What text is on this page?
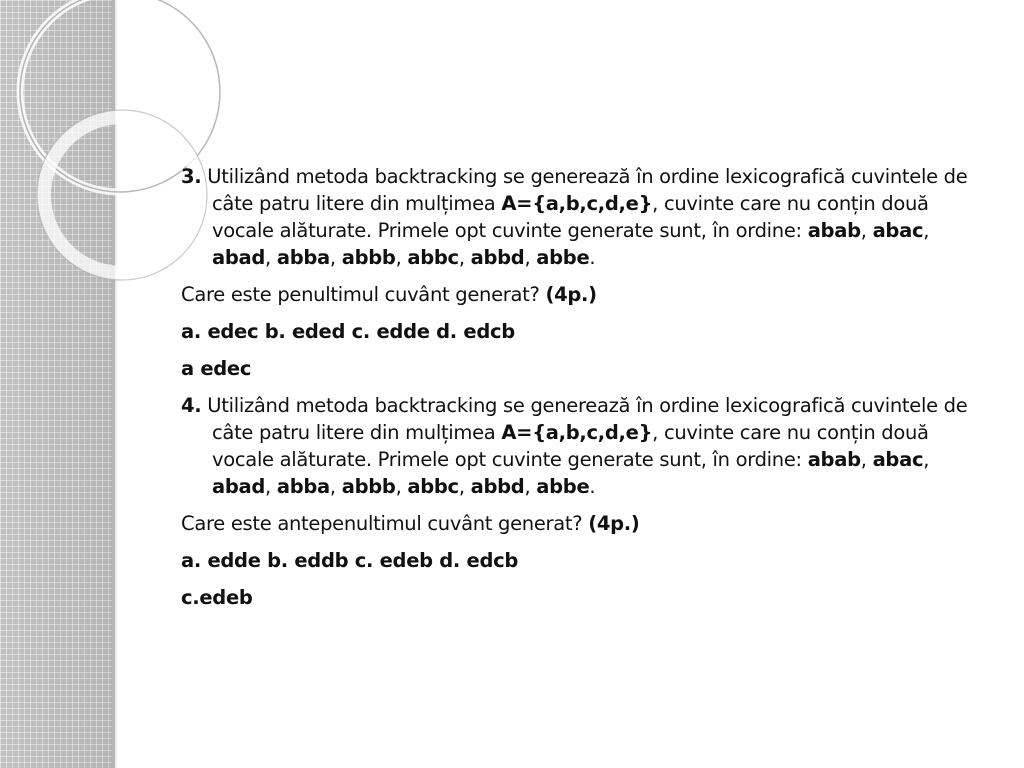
3. Utilizând metoda backtracking se generează în ordine lexicografică cuvintele de câte patru litere din mulțimea A={a,b,c,d,e}, cuvinte care nu conțin două vocale alăturate. Primele opt cuvinte generate sunt, în ordine: abab, abac, abad, abba, abbb, abbc, abbd, abbe.
Care este penultimul cuvânt generat? (4p.)
a. edec b. eded c. edde d. edcb
a edec
4. Utilizând metoda backtracking se generează în ordine lexicografică cuvintele de câte patru litere din mulțimea A={a,b,c,d,e}, cuvinte care nu conțin două vocale alăturate. Primele opt cuvinte generate sunt, în ordine: abab, abac, abad, abba, abbb, abbc, abbd, abbe.
Care este antepenultimul cuvânt generat? (4p.)
a. edde b. eddb c. edeb d. edcb
c.edeb
